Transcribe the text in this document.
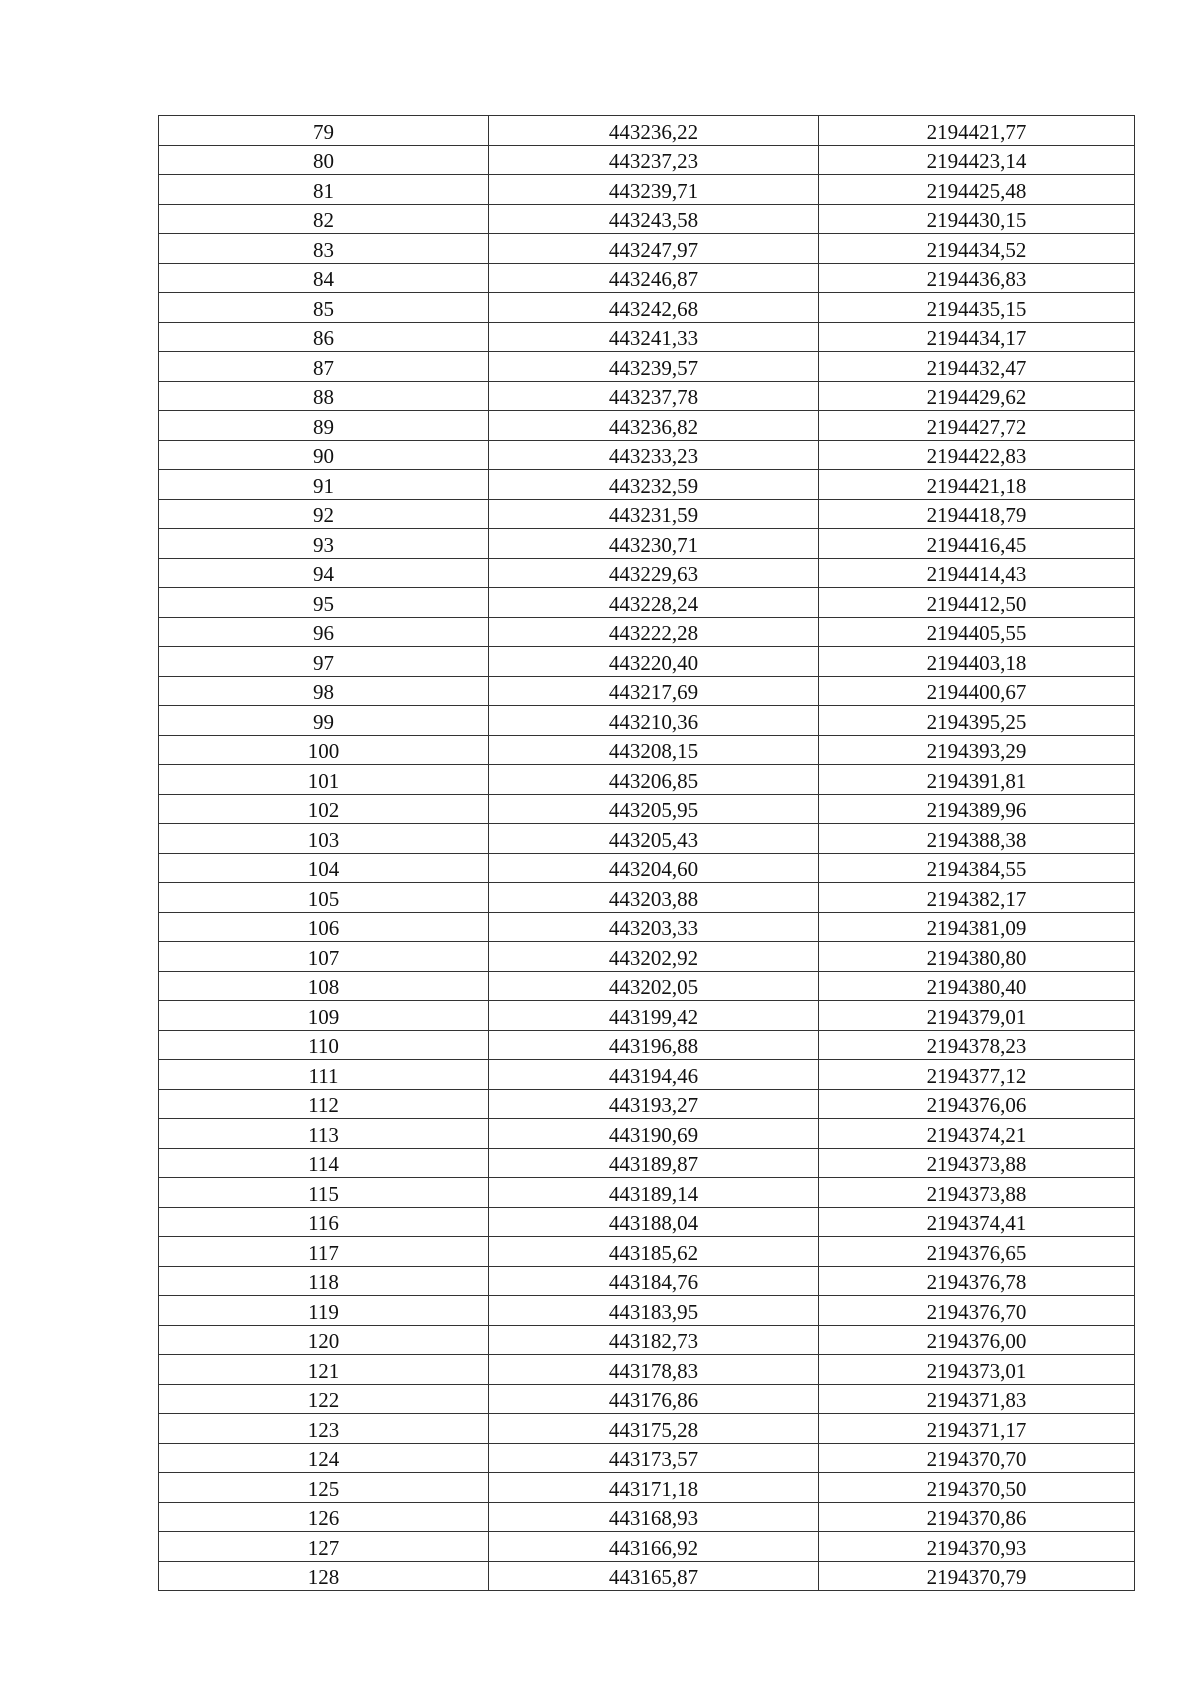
79	443236,22	2194421,77
80	443237,23	2194423,14
81	443239,71	2194425,48
82	443243,58	2194430,15
83	443247,97	2194434,52
84	443246,87	2194436,83
85	443242,68	2194435,15
86	443241,33	2194434,17
87	443239,57	2194432,47
88	443237,78	2194429,62
89	443236,82	2194427,72
90	443233,23	2194422,83
91	443232,59	2194421,18
92	443231,59	2194418,79
93	443230,71	2194416,45
94	443229,63	2194414,43
95	443228,24	2194412,50
96	443222,28	2194405,55
97	443220,40	2194403,18
98	443217,69	2194400,67
99	443210,36	2194395,25
100	443208,15	2194393,29
101	443206,85	2194391,81
102	443205,95	2194389,96
103	443205,43	2194388,38
104	443204,60	2194384,55
105	443203,88	2194382,17
106	443203,33	2194381,09
107	443202,92	2194380,80
108	443202,05	2194380,40
109	443199,42	2194379,01
110	443196,88	2194378,23
111	443194,46	2194377,12
112	443193,27	2194376,06
113	443190,69	2194374,21
114	443189,87	2194373,88
115	443189,14	2194373,88
116	443188,04	2194374,41
117	443185,62	2194376,65
118	443184,76	2194376,78
119	443183,95	2194376,70
120	443182,73	2194376,00
121	443178,83	2194373,01
122	443176,86	2194371,83
123	443175,28	2194371,17
124	443173,57	2194370,70
125	443171,18	2194370,50
126	443168,93	2194370,86
127	443166,92	2194370,93
128	443165,87	2194370,79
